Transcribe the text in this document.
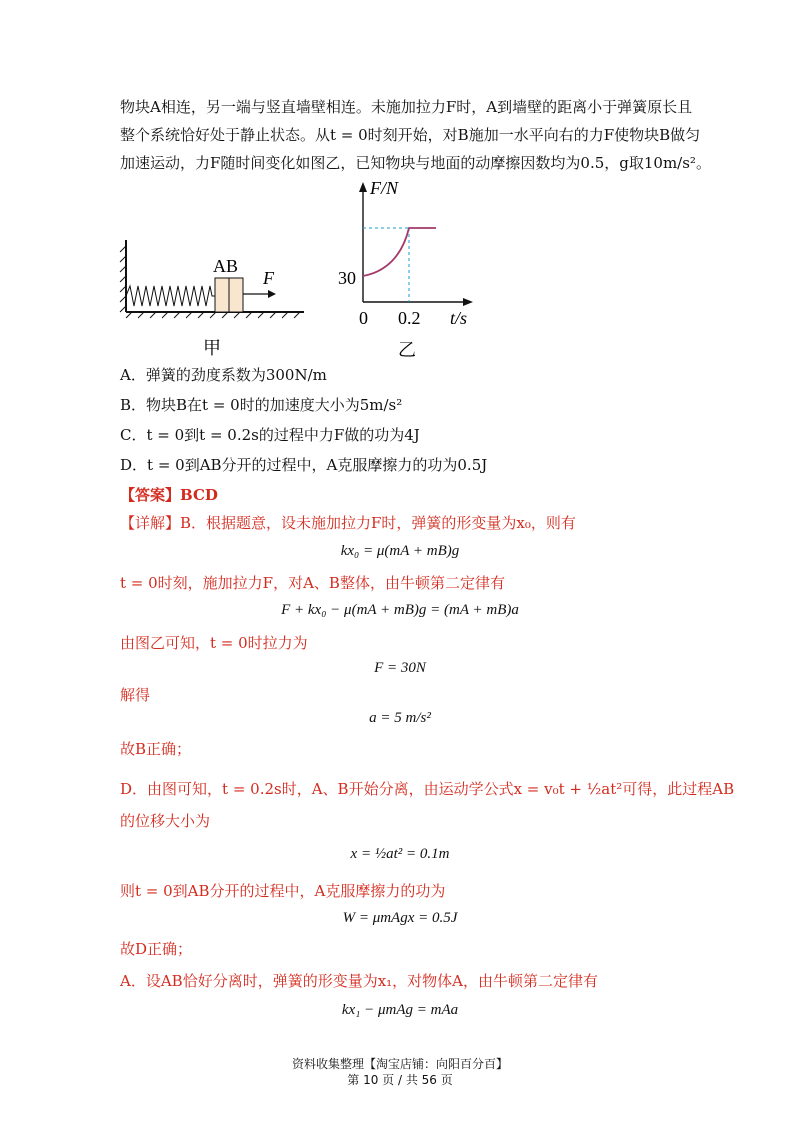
物块A相连，另一端与竖直墙壁相连。未施加拉力F时，A到墙壁的距离小于弹簧原长且
整个系统恰好处于静止状态。从t = 0时刻开始，对B施加一水平向右的力F使物块B做匀
加速运动，力F随时间变化如图乙，已知物块与地面的动摩擦因数均为0.5，g取10m/s²。
AB
F
甲
F/N
t/s
30
0 0.2
乙
A．弹簧的劲度系数为300N/m
B．物块B在t = 0时的加速度大小为5m/s²
C．t = 0到t = 0.2s的过程中力F做的功为4J
D．t = 0到AB分开的过程中，A克服摩擦力的功为0.5J
【答案】BCD
【详解】B．根据题意，设未施加拉力F时，弹簧的形变量为x₀，则有
kx₀ = μ(mA + mB)g
t = 0时刻，施加拉力F，对A、B整体，由牛顿第二定律有
F + kx₀ − μ(mA + mB)g = (mA + mB)a
由图乙可知，t = 0时拉力为
F = 30N
解得
a = 5 m/s²
故B正确；
D．由图可知，t = 0.2s时，A、B开始分离，由运动学公式x = v₀t + ½at²可得，此过程AB
的位移大小为
x = ½at² = 0.1m
则t = 0到AB分开的过程中，A克服摩擦力的功为
W = μmAgx = 0.5J
故D正确；
A．设AB恰好分离时，弹簧的形变量为x₁，对物体A，由牛顿第二定律有
kx₁ − μmAg = mAa
资料收集整理【淘宝店铺：向阳百分百】
第 10 页 / 共 56 页
